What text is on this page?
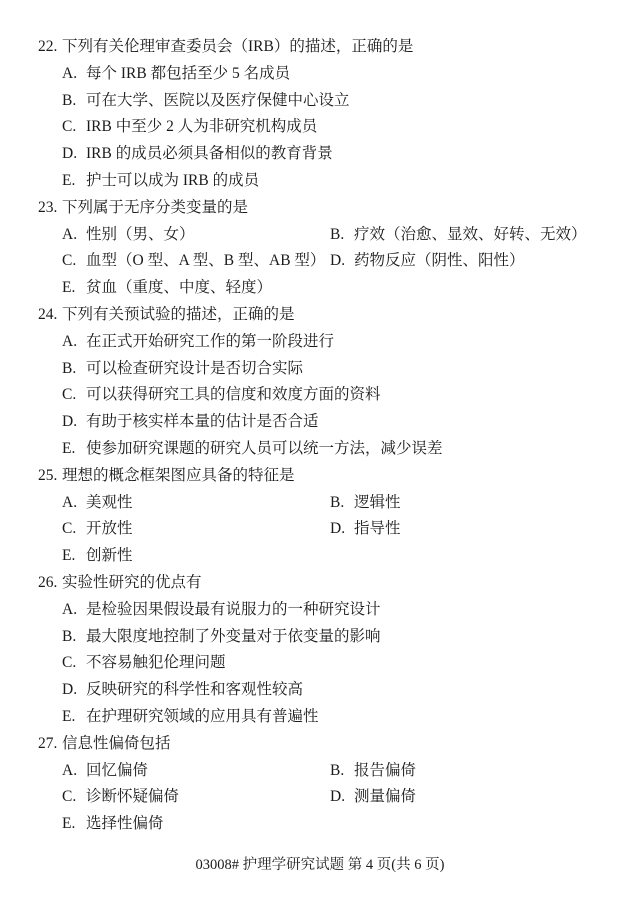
22. 下列有关伦理审查委员会（IRB）的描述，正确的是
A. 每个 IRB 都包括至少 5 名成员
B. 可在大学、医院以及医疗保健中心设立
C. IRB 中至少 2 人为非研究机构成员
D. IRB 的成员必须具备相似的教育背景
E. 护士可以成为 IRB 的成员
23. 下列属于无序分类变量的是
A. 性别（男、女）	B. 疗效（治愈、显效、好转、无效）
C. 血型（O 型、A 型、B 型、AB 型） D. 药物反应（阴性、阳性）
E. 贫血（重度、中度、轻度）
24. 下列有关预试验的描述，正确的是
A. 在正式开始研究工作的第一阶段进行
B. 可以检查研究设计是否切合实际
C. 可以获得研究工具的信度和效度方面的资料
D. 有助于核实样本量的估计是否合适
E. 使参加研究课题的研究人员可以统一方法，减少误差
25. 理想的概念框架图应具备的特征是
A. 美观性	B. 逻辑性
C. 开放性	D. 指导性
E. 创新性
26. 实验性研究的优点有
A. 是检验因果假设最有说服力的一种研究设计
B. 最大限度地控制了外变量对于依变量的影响
C. 不容易触犯伦理问题
D. 反映研究的科学性和客观性较高
E. 在护理研究领域的应用具有普遍性
27. 信息性偏倚包括
A. 回忆偏倚	B. 报告偏倚
C. 诊断怀疑偏倚	D. 测量偏倚
E. 选择性偏倚
03008# 护理学研究试题 第 4 页(共 6 页)
